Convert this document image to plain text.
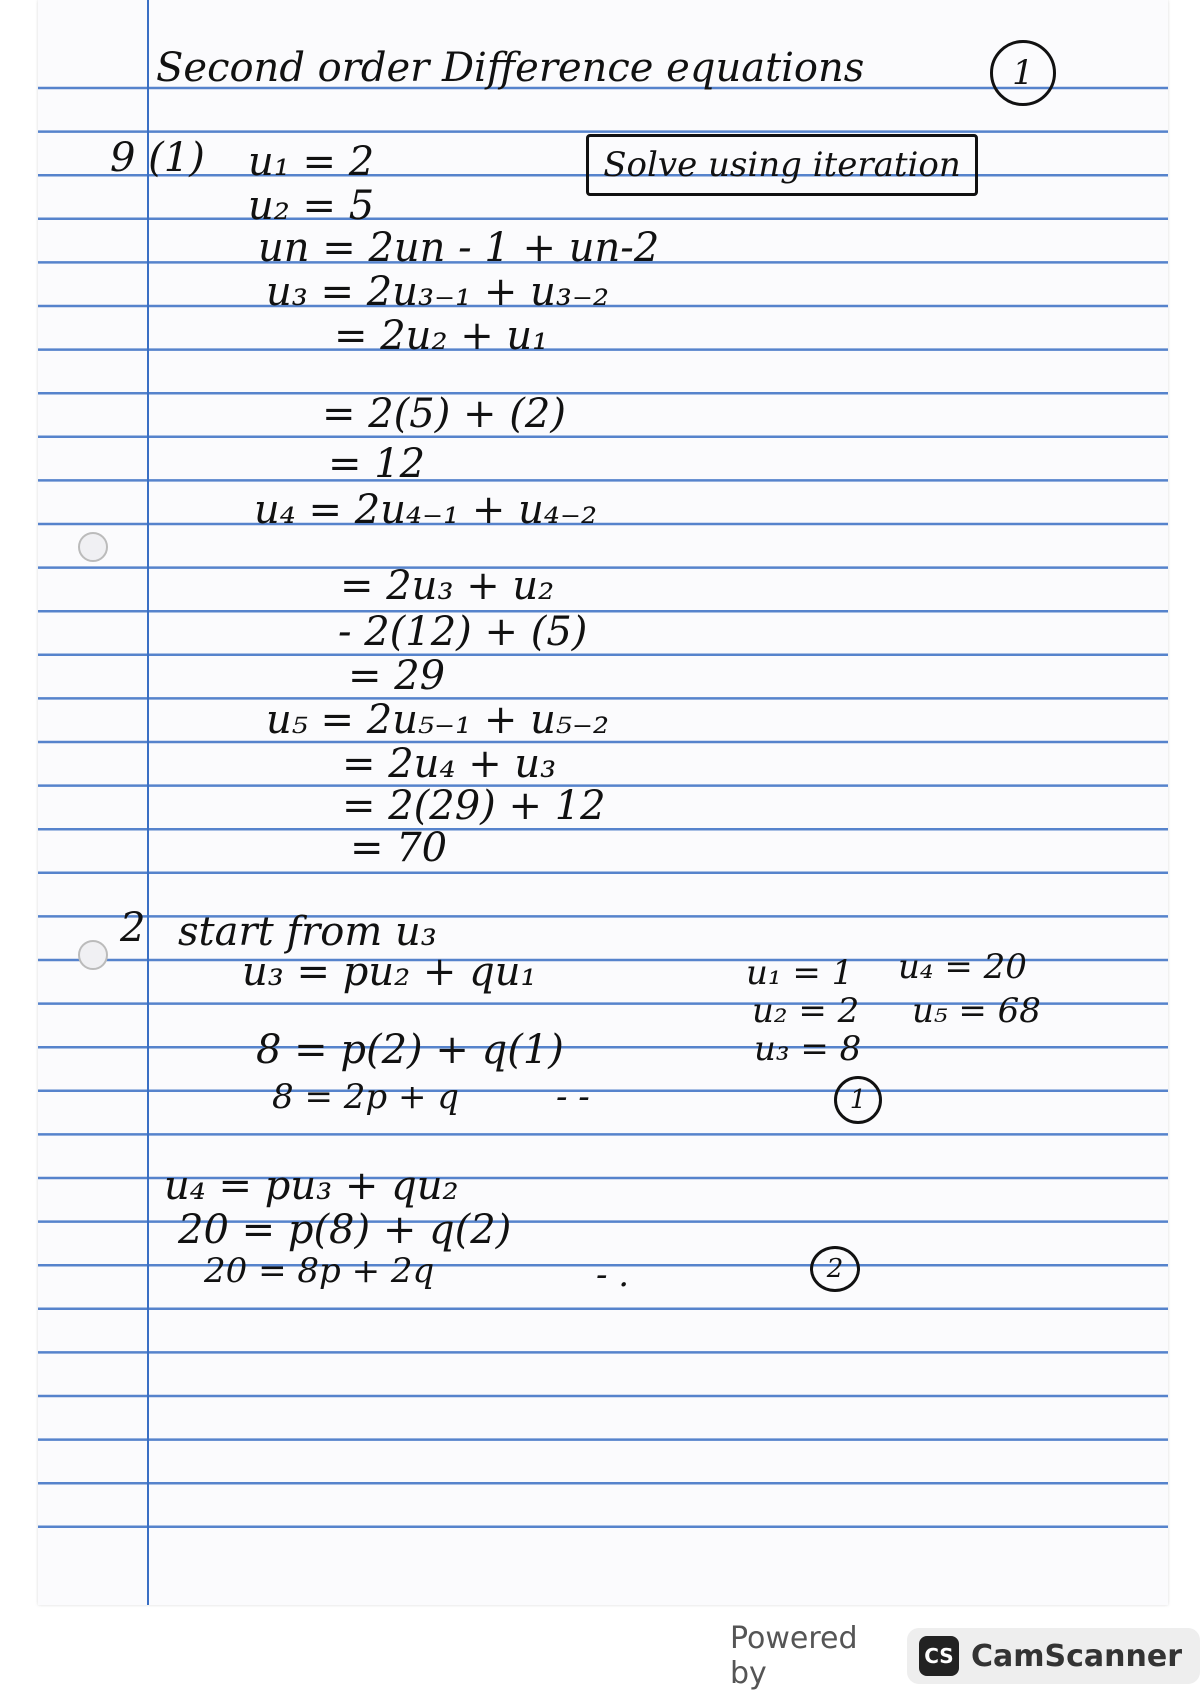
Second order Difference equations	1
9 (1)	Solve using iteration
u₁ = 2
u₂ = 5
un = 2un - 1 + un-2
u₃ = 2u₃₋₁ + u₃₋₂
= 2u₂ + u₁
= 2(5) + (2)
= 12
u₄ = 2u₄₋₁ + u₄₋₂
= 2u₃ + u₂
- 2(12) + (5)
= 29
u₅ = 2u₅₋₁ + u₅₋₂
= 2u₄ + u₃
= 2(29) + 12
= 70
2 start from u₃
u₃ = pu₂ + qu₁
8 = p(2) + q(1)
8 = 2p + q	- -	1
u₄ = pu₃ + qu₂
20 = p(8) + q(2)
20 = 8p + 2q	- .	2
u₁ = 1 u₄ = 20
u₂ = 2 u₅ = 68
u₃ = 8
Powered by	CS CamScanner
